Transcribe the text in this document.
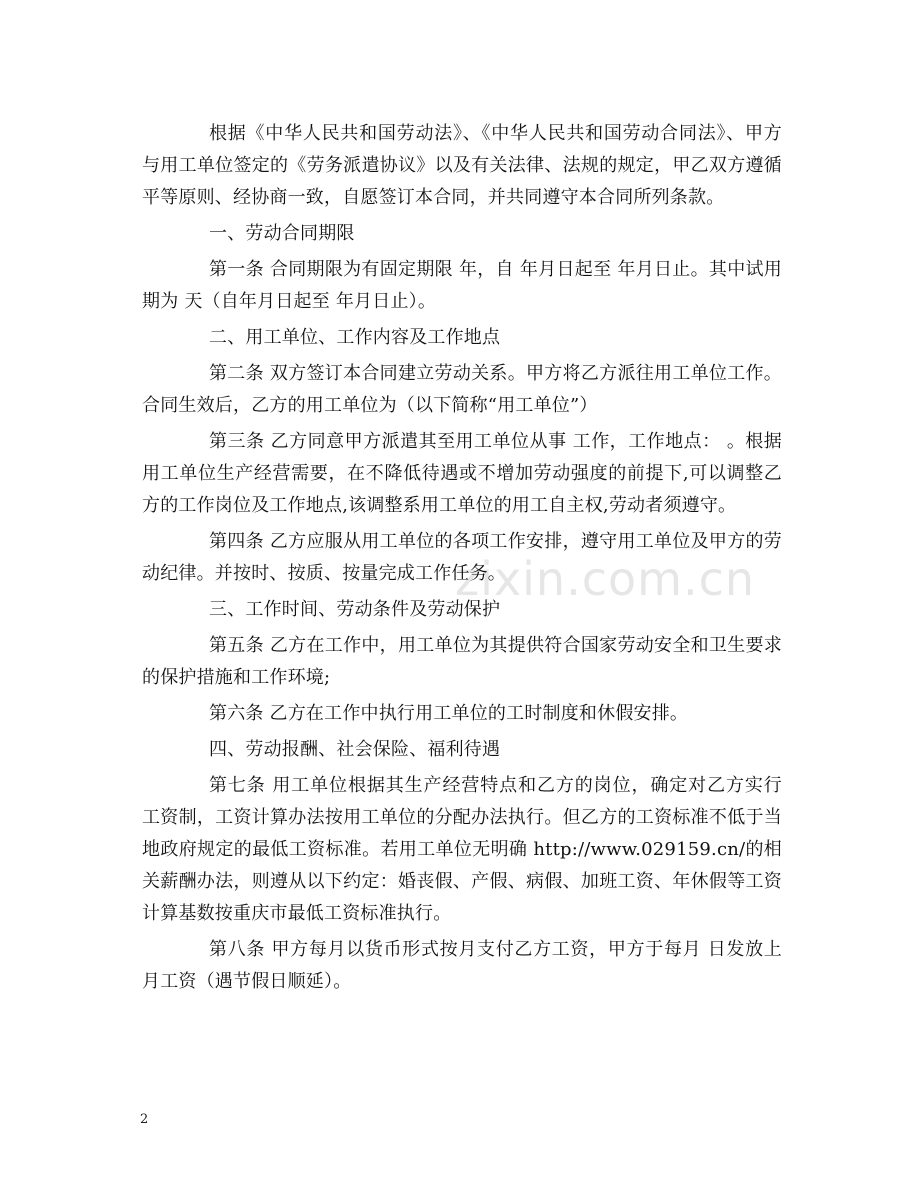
zixin.com.cn

根据《中华人民共和国劳动法》、《中华人民共和国劳动合同法》、甲方与用工单位签定的《劳务派遣协议》以及有关法律、法规的规定，甲乙双方遵循平等原则、经协商一致，自愿签订本合同，并共同遵守本合同所列条款。

一、劳动合同期限

第一条 合同期限为有固定期限 年，自 年月日起至 年月日止。其中试用期为 天（自年月日起至 年月日止）。

二、用工单位、工作内容及工作地点

第二条 双方签订本合同建立劳动关系。甲方将乙方派往用工单位工作。合同生效后，乙方的用工单位为（以下简称“用工单位”）

第三条 乙方同意甲方派遣其至用工单位从事 工作，工作地点： 。根据用工单位生产经营需要，在不降低待遇或不增加劳动强度的前提下,可以调整乙方的工作岗位及工作地点,该调整系用工单位的用工自主权,劳动者须遵守。

第四条 乙方应服从用工单位的各项工作安排，遵守用工单位及甲方的劳动纪律。并按时、按质、按量完成工作任务。

三、工作时间、劳动条件及劳动保护

第五条 乙方在工作中，用工单位为其提供符合国家劳动安全和卫生要求的保护措施和工作环境;

第六条 乙方在工作中执行用工单位的工时制度和休假安排。

四、劳动报酬、社会保险、福利待遇

第七条 用工单位根据其生产经营特点和乙方的岗位，确定对乙方实行 工资制，工资计算办法按用工单位的分配办法执行。但乙方的工资标准不低于当地政府规定的最低工资标准。若用工单位无明确 http://www.029159.cn/的相关薪酬办法，则遵从以下约定：婚丧假、产假、病假、加班工资、年休假等工资计算基数按重庆市最低工资标准执行。

第八条 甲方每月以货币形式按月支付乙方工资，甲方于每月 日发放上月工资（遇节假日顺延）。

2
